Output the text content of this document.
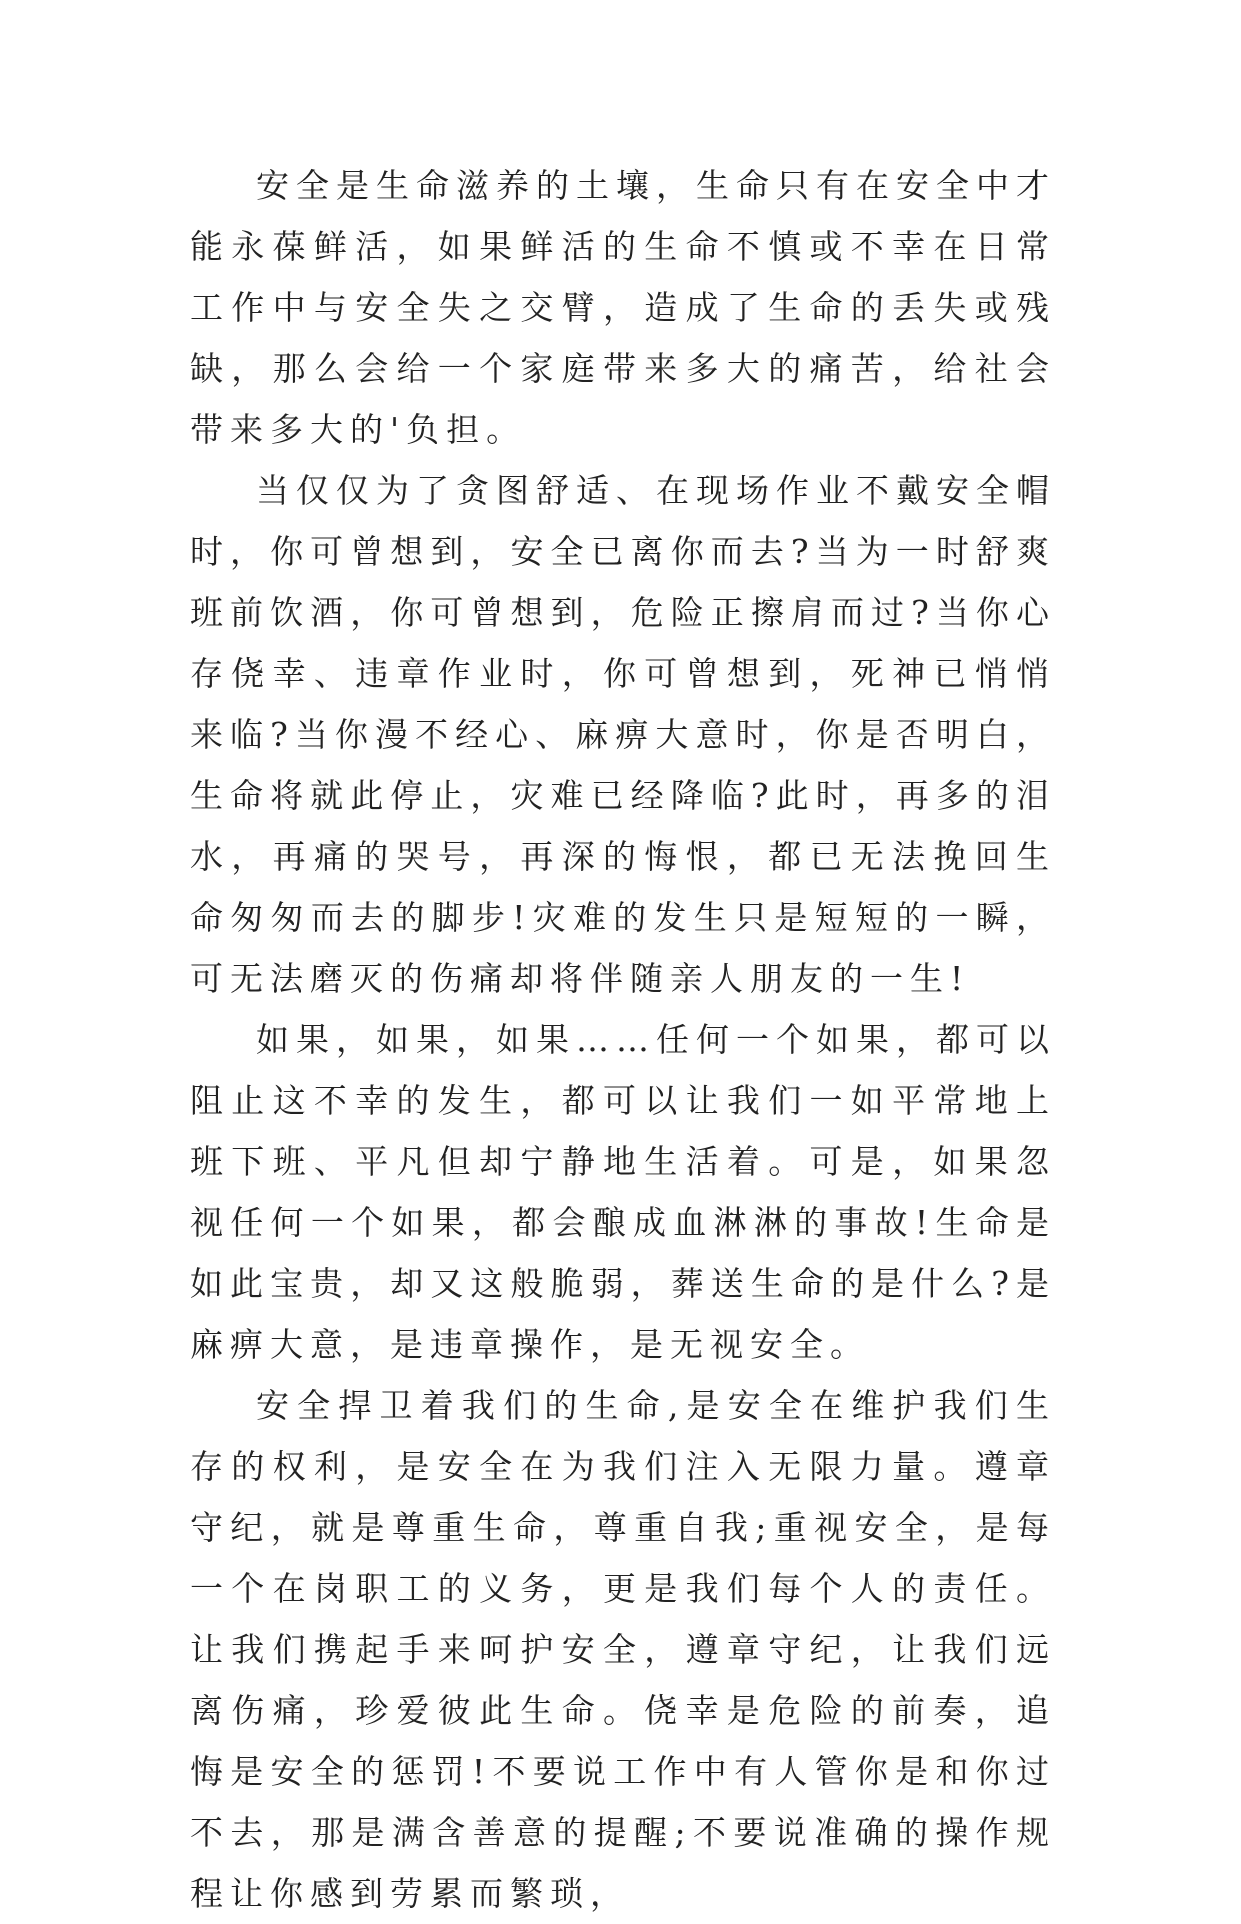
安全是生命滋养的土壤，生命只有在安全中才能永葆鲜活，如果鲜活的生命不慎或不幸在日常工作中与安全失之交臂，造成了生命的丢失或残缺，那么会给一个家庭带来多大的痛苦，给社会带来多大的'负担。

当仅仅为了贪图舒适、在现场作业不戴安全帽时，你可曾想到，安全已离你而去?当为一时舒爽班前饮酒，你可曾想到，危险正擦肩而过?当你心存侥幸、违章作业时，你可曾想到，死神已悄悄来临?当你漫不经心、麻痹大意时，你是否明白，生命将就此停止，灾难已经降临?此时，再多的泪水，再痛的哭号，再深的悔恨，都已无法挽回生命匆匆而去的脚步!灾难的发生只是短短的一瞬，可无法磨灭的伤痛却将伴随亲人朋友的一生!

如果，如果，如果……任何一个如果，都可以阻止这不幸的发生，都可以让我们一如平常地上班下班、平凡但却宁静地生活着。可是，如果忽视任何一个如果，都会酿成血淋淋的事故!生命是如此宝贵，却又这般脆弱，葬送生命的是什么?是麻痹大意，是违章操作，是无视安全。

安全捍卫着我们的生命,是安全在维护我们生存的权利，是安全在为我们注入无限力量。遵章守纪，就是尊重生命，尊重自我;重视安全，是每一个在岗职工的义务，更是我们每个人的责任。让我们携起手来呵护安全，遵章守纪，让我们远离伤痛，珍爱彼此生命。侥幸是危险的前奏，追悔是安全的惩罚!不要说工作中有人管你是和你过不去，那是满含善意的提醒;不要说准确的操作规程让你感到劳累而繁琐，
